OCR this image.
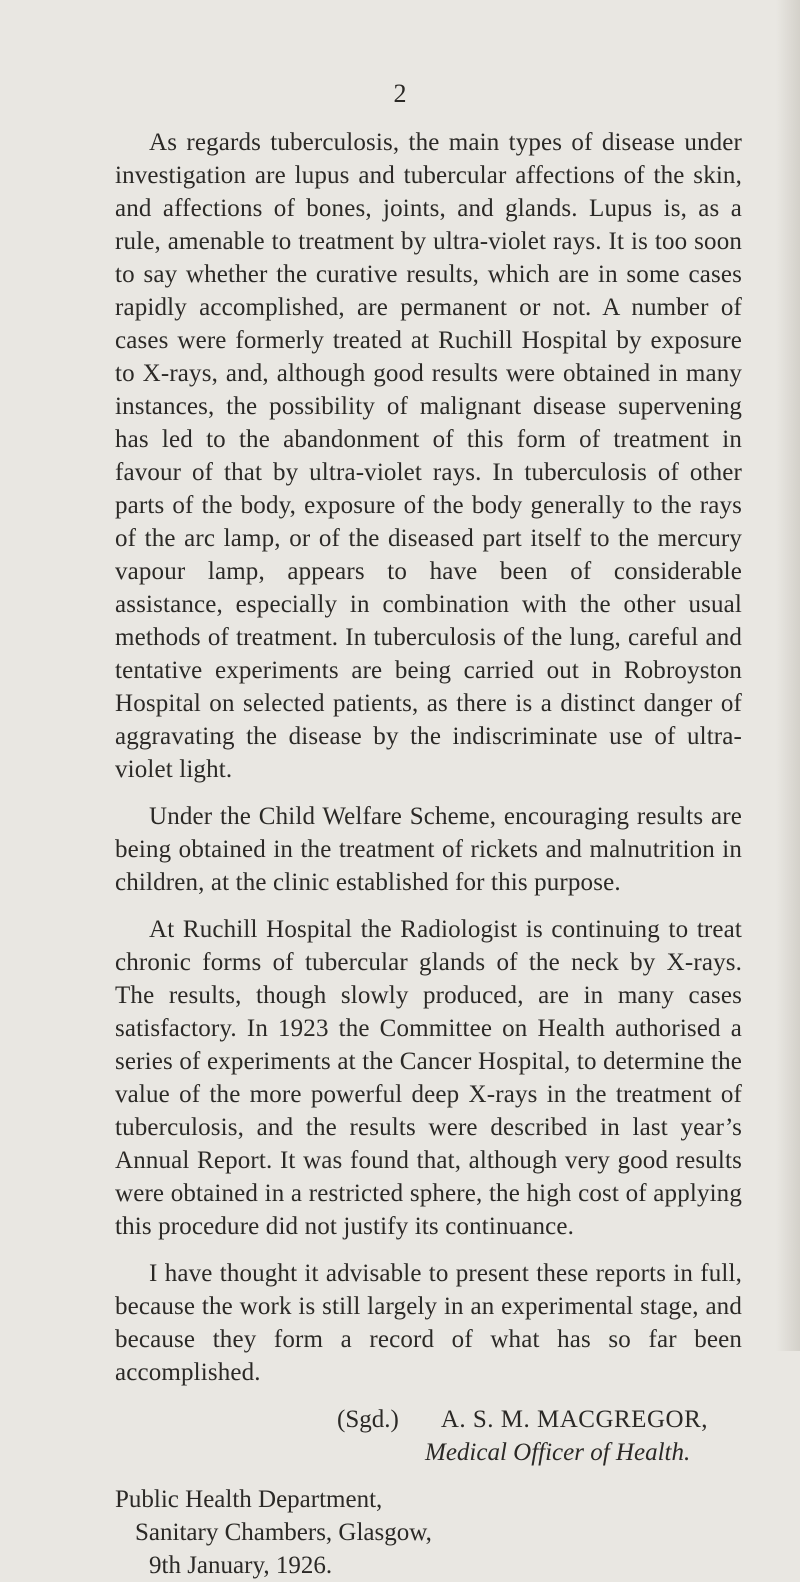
2

As regards tuberculosis, the main types of disease under investigation are lupus and tubercular affections of the skin, and affections of bones, joints, and glands. Lupus is, as a rule, amenable to treatment by ultra-violet rays. It is too soon to say whether the curative results, which are in some cases rapidly accomplished, are permanent or not. A number of cases were formerly treated at Ruchill Hospital by exposure to X-rays, and, although good results were obtained in many instances, the possibility of malignant disease supervening has led to the abandonment of this form of treatment in favour of that by ultra-violet rays. In tuberculosis of other parts of the body, exposure of the body generally to the rays of the arc lamp, or of the diseased part itself to the mercury vapour lamp, appears to have been of considerable assistance, especially in combination with the other usual methods of treatment. In tuberculosis of the lung, careful and tentative experiments are being carried out in Robroyston Hospital on selected patients, as there is a distinct danger of aggravating the disease by the indiscriminate use of ultra-violet light.

Under the Child Welfare Scheme, encouraging results are being obtained in the treatment of rickets and malnutrition in children, at the clinic established for this purpose.

At Ruchill Hospital the Radiologist is continuing to treat chronic forms of tubercular glands of the neck by X-rays. The results, though slowly produced, are in many cases satisfactory. In 1923 the Committee on Health authorised a series of experiments at the Cancer Hospital, to determine the value of the more powerful deep X-rays in the treatment of tuberculosis, and the results were described in last year’s Annual Report. It was found that, although very good results were obtained in a restricted sphere, the high cost of applying this procedure did not justify its continuance.

I have thought it advisable to present these reports in full, because the work is still largely in an experimental stage, and because they form a record of what has so far been accomplished.

(Sgd.) A. S. M. MACGREGOR,

Medical Officer of Health.

Public Health Department,

Sanitary Chambers, Glasgow,

9th January, 1926.
